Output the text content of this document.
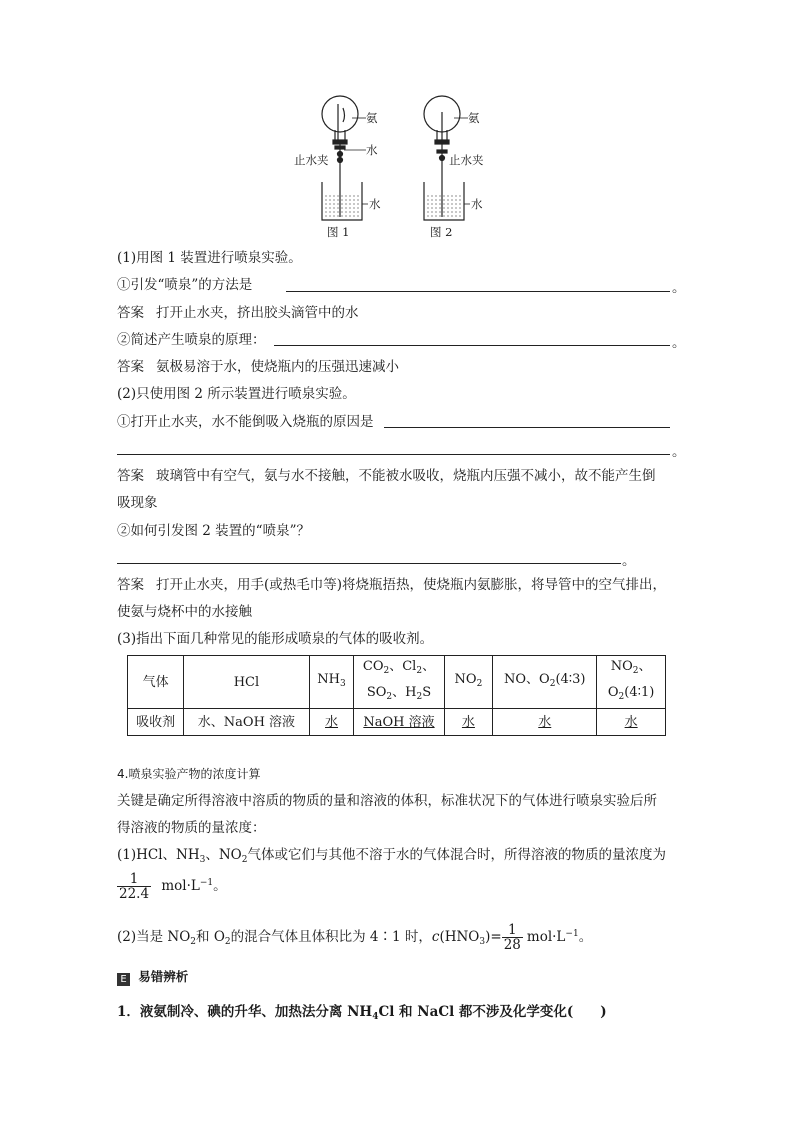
氨
水
止水夹
水
图 1
氨
止水夹
水
图 2
(1)用图 1 装置进行喷泉实验。
①引发“喷泉”的方法是	。
答案 打开止水夹，挤出胶头滴管中的水
②简述产生喷泉的原理：	。
答案 氨极易溶于水，使烧瓶内的压强迅速减小
(2)只使用图 2 所示装置进行喷泉实验。
①打开止水夹，水不能倒吸入烧瓶的原因是
。
答案 玻璃管中有空气，氨与水不接触，不能被水吸收，烧瓶内压强不减小，故不能产生倒
吸现象
②如何引发图 2 装置的“喷泉”？
。
答案 打开止水夹，用手(或热毛巾等)将烧瓶捂热，使烧瓶内氨膨胀，将导管中的空气排出，
使氨与烧杯中的水接触
(3)指出下面几种常见的能形成喷泉的气体的吸收剂。
气体	HCl	$NH_3$	$CO_2$、$Cl_2$、
$SO_2$、$H_2S$	$NO_2$	NO、$O_2(4∶3)$	$NO_2$、
$O_2(4∶1)$
吸收剂	水、NaOH 溶液	水	NaOH 溶液	水	水	水
4.喷泉实验产物的浓度计算
关键是确定所得溶液中溶质的物质的量和溶液的体积，标准状况下的气体进行喷泉实验后所
得溶液的物质的量浓度：
(1)HCl、$NH_3$、$NO_2$气体或它们与其他不溶于水的气体混合时，所得溶液的物质的量浓度为
$\frac{1}{22.4} mol\cdot L^{-1}$。
(2)当是 $NO_2$和 $O_2$的混合气体且体积比为 4∶1 时，$c(HNO_3)= \frac{1}{28} mol\cdot L^{-1}$。
E 易错辨析
1．液氨制冷、碘的升华、加热法分离 $NH_4Cl$ 和 NaCl 都不涉及化学变化(　　)
